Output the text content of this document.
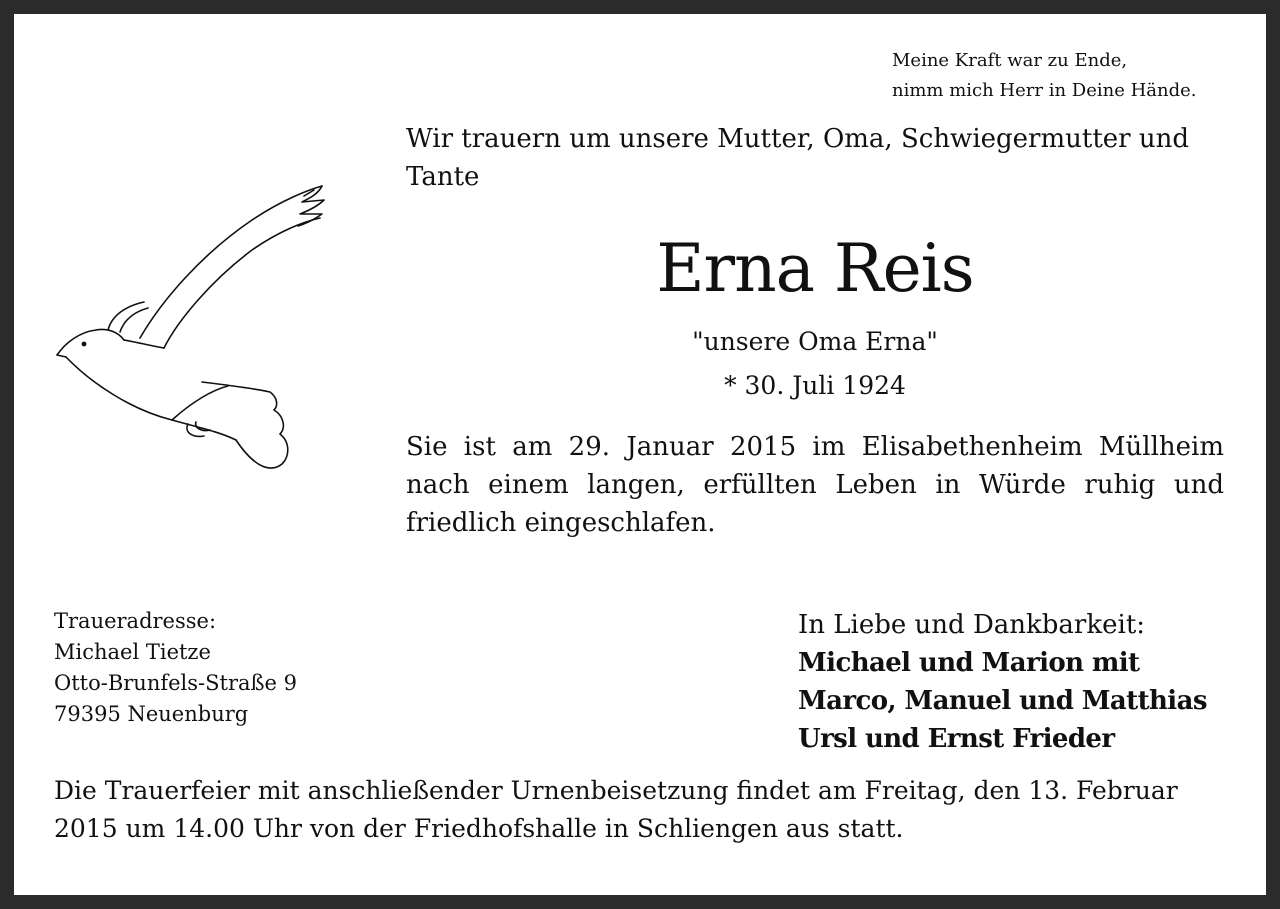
Meine Kraft war zu Ende,
nimm mich Herr in Deine Hände.

Wir trauern um unsere Mutter, Oma, Schwiegermutter und Tante

Erna Reis
"unsere Oma Erna"
* 30. Juli 1924

Sie ist am 29. Januar 2015 im Elisabethenheim Müllheim nach einem langen, erfüllten Leben in Würde ruhig und friedlich eingeschlafen.

Traueradresse:
Michael Tietze
Otto-Brunfels-Straße 9
79395 Neuenburg
In Liebe und Dankbarkeit:
Michael und Marion mit
Marco, Manuel und Matthias
Ursl und Ernst Frieder

Die Trauerfeier mit anschließender Urnenbeisetzung findet am Freitag, den 13. Februar 2015 um 14.00 Uhr von der Friedhofshalle in Schliengen aus statt.
